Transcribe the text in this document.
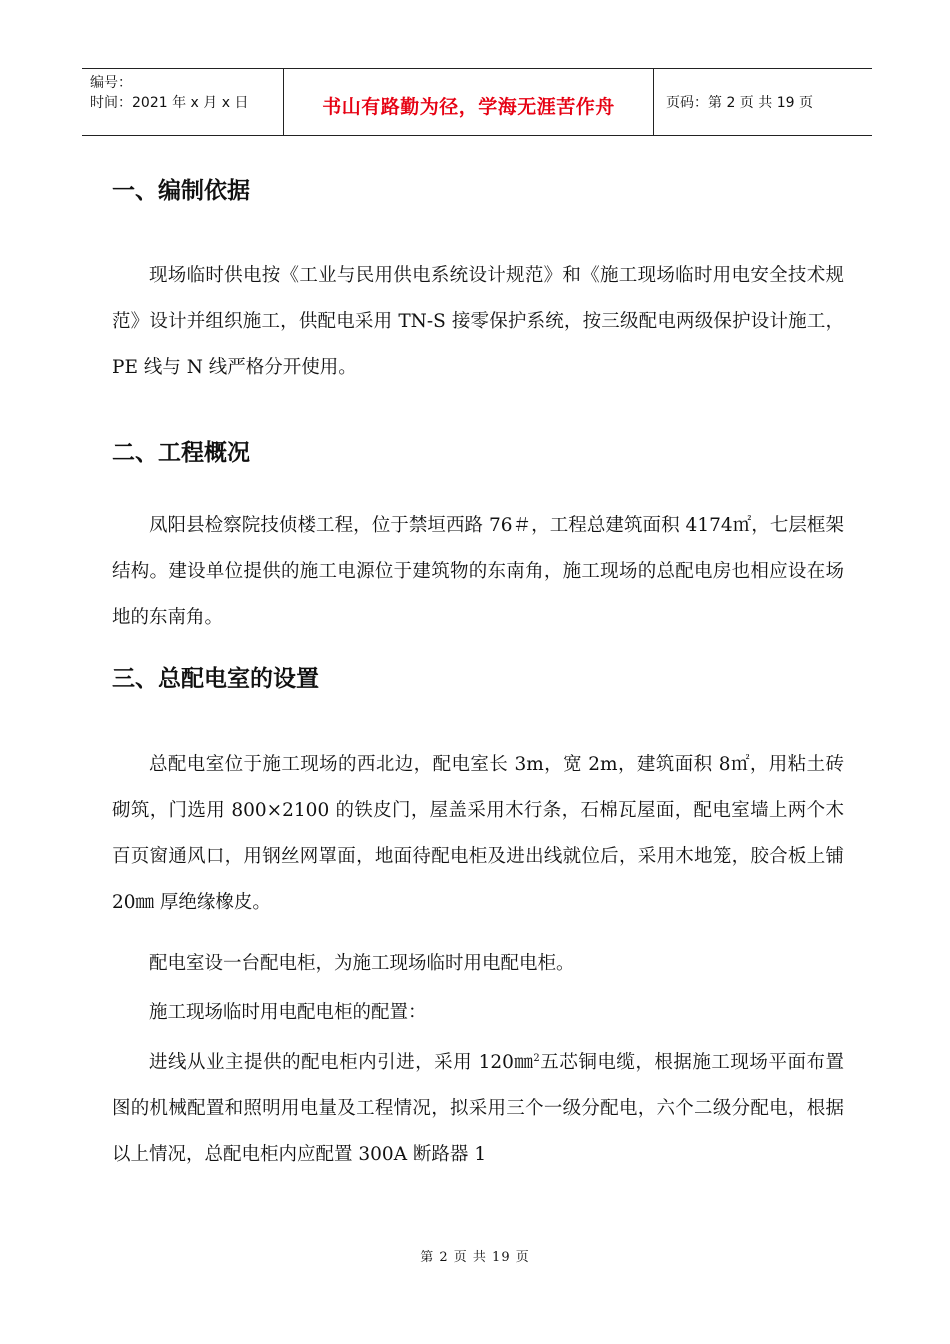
编号：
时间：2021 年 x 月 x 日	书山有路勤为径，学海无涯苦作舟	页码：第 2 页 共 19 页
一、编制依据

现场临时供电按《工业与民用供电系统设计规范》和《施工现场临时用电安全技术规范》设计并组织施工，供配电采用 TN-S 接零保护系统，按三级配电两级保护设计施工，PE 线与 N 线严格分开使用。

二、工程概况

凤阳县检察院技侦楼工程，位于禁垣西路 76＃，工程总建筑面积 4174㎡，七层框架结构。建设单位提供的施工电源位于建筑物的东南角，施工现场的总配电房也相应设在场地的东南角。

三、总配电室的设置

总配电室位于施工现场的西北边，配电室长 3m，宽 2m，建筑面积 8㎡，用粘土砖砌筑，门选用 800×2100 的铁皮门，屋盖采用木行条，石棉瓦屋面，配电室墙上两个木百页窗通风口，用钢丝网罩面，地面待配电柜及进出线就位后，采用木地笼，胶合板上铺 20㎜ 厚绝缘橡皮。

配电室设一台配电柜，为施工现场临时用电配电柜。

施工现场临时用电配电柜的配置：

进线从业主提供的配电柜内引进，采用 120㎜$^2$五芯铜电缆，根据施工现场平面布置图的机械配置和照明用电量及工程情况，拟采用三个一级分配电，六个二级分配电，根据以上情况，总配电柜内应配置 300A 断路器 1

第 2 页 共 19 页
